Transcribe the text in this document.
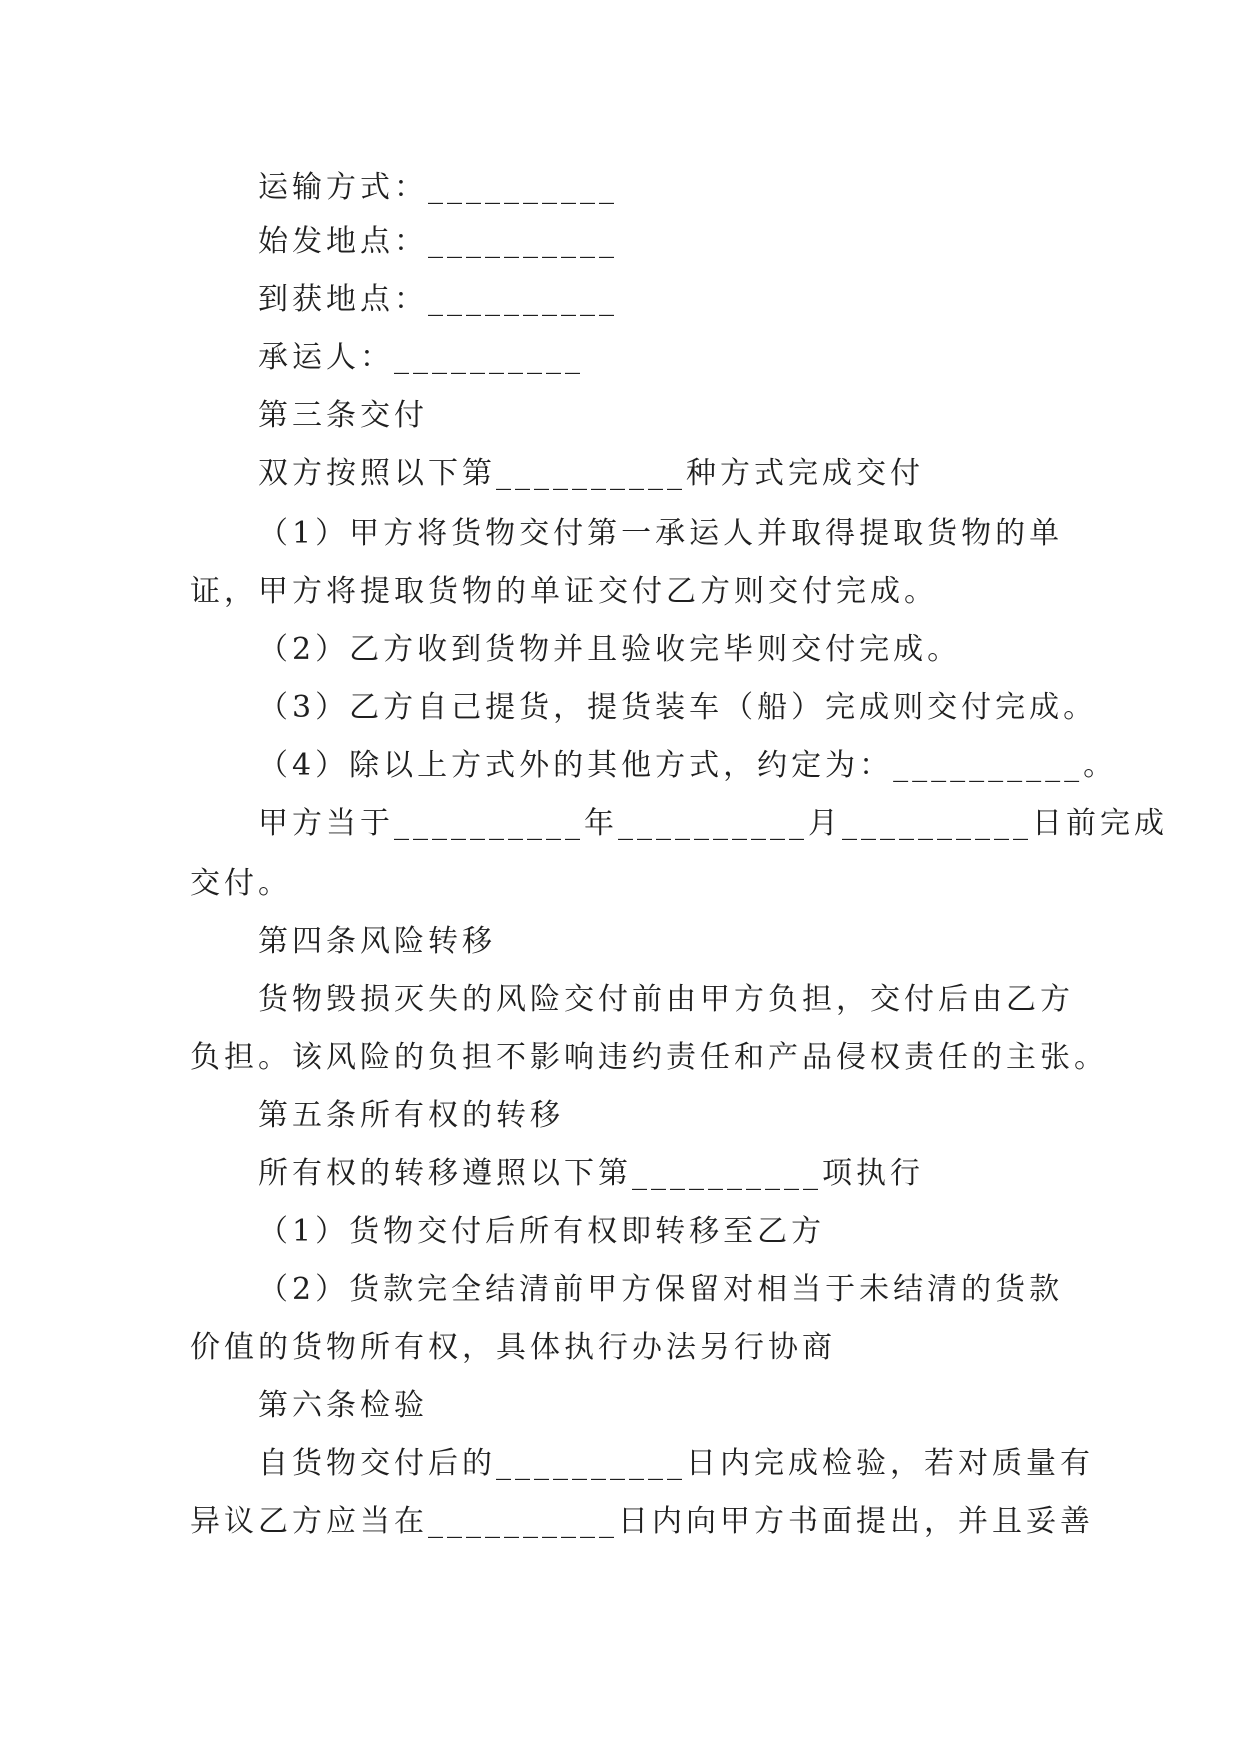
运输方式：__________
始发地点：__________
到获地点：__________
承运人：__________
第三条交付
双方按照以下第__________种方式完成交付
（1）甲方将货物交付第一承运人并取得提取货物的单
证，甲方将提取货物的单证交付乙方则交付完成。
（2）乙方收到货物并且验收完毕则交付完成。
（3）乙方自己提货，提货装车（船）完成则交付完成。
（4）除以上方式外的其他方式，约定为：__________。
甲方当于__________年__________月__________日前完成
交付。
第四条风险转移
货物毁损灭失的风险交付前由甲方负担，交付后由乙方
负担。该风险的负担不影响违约责任和产品侵权责任的主张。
第五条所有权的转移
所有权的转移遵照以下第__________项执行
（1）货物交付后所有权即转移至乙方
（2）货款完全结清前甲方保留对相当于未结清的货款
价值的货物所有权，具体执行办法另行协商
第六条检验
自货物交付后的__________日内完成检验，若对质量有
异议乙方应当在__________日内向甲方书面提出，并且妥善
